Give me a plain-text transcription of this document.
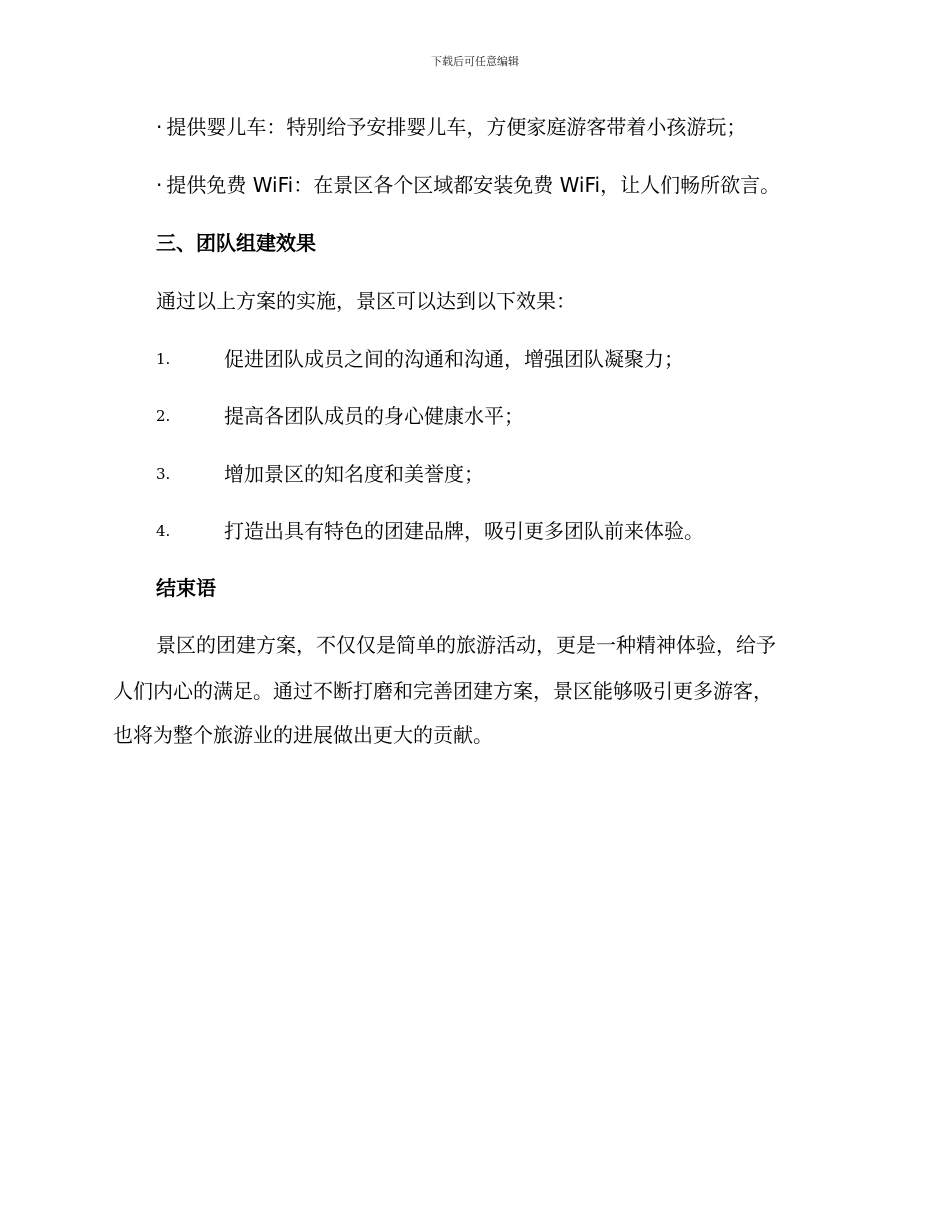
下载后可任意编辑
· 提供婴儿车：特别给予安排婴儿车，方便家庭游客带着小孩游玩；
· 提供免费 WiFi：在景区各个区域都安装免费 WiFi，让人们畅所欲言。
三、团队组建效果
通过以上方案的实施，景区可以达到以下效果：
1.	促进团队成员之间的沟通和沟通，增强团队凝聚力；
2.	提高各团队成员的身心健康水平；
3.	增加景区的知名度和美誉度；
4.	打造出具有特色的团建品牌，吸引更多团队前来体验。
结束语
景区的团建方案，不仅仅是简单的旅游活动，更是一种精神体验，给予
人们内心的满足。通过不断打磨和完善团建方案，景区能够吸引更多游客，
也将为整个旅游业的进展做出更大的贡献。
